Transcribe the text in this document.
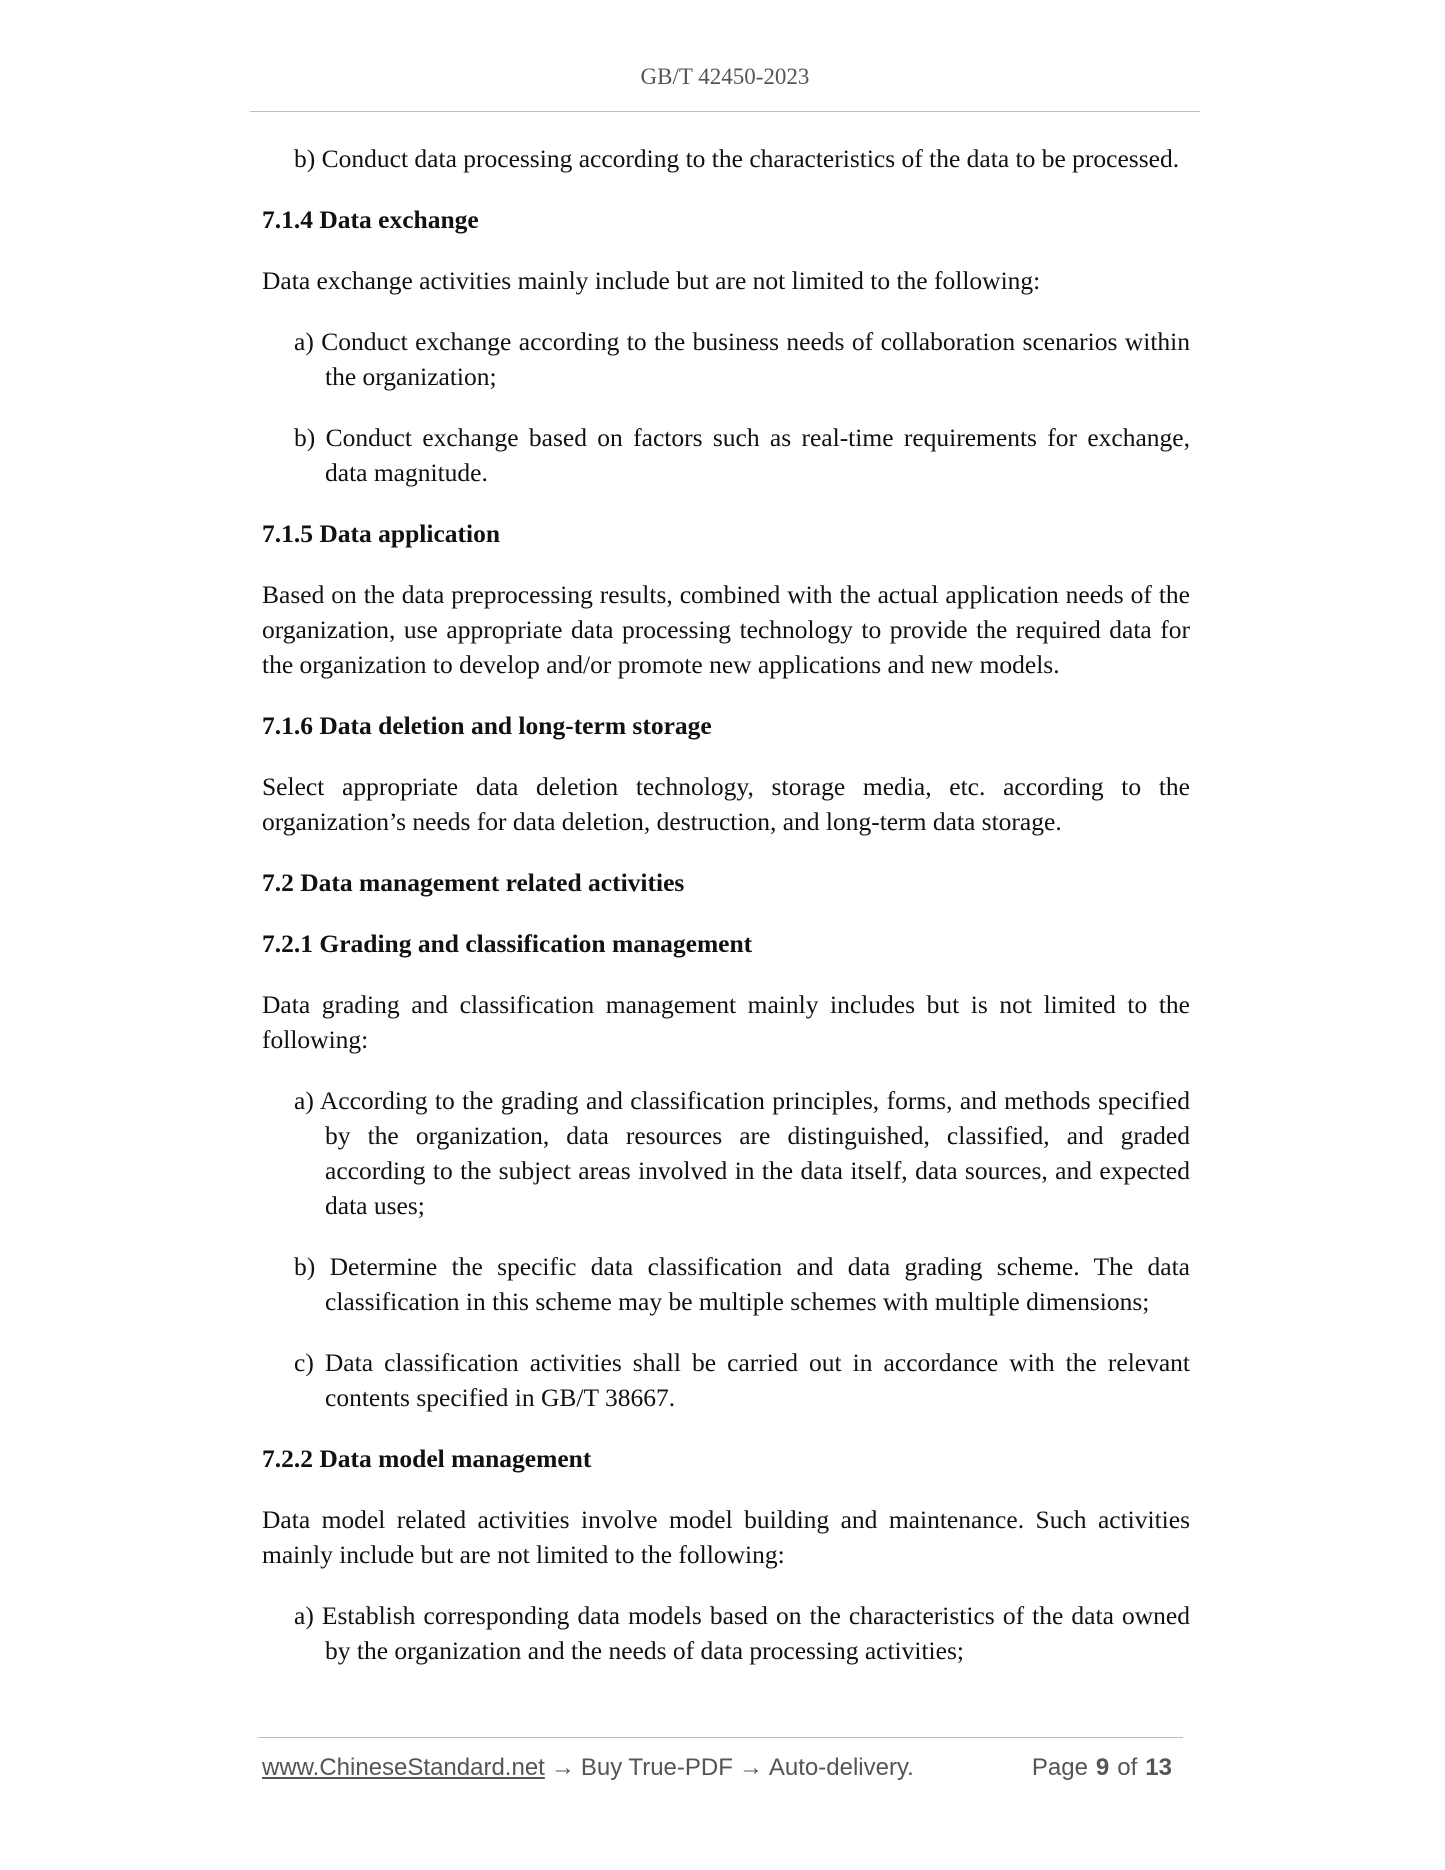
GB/T 42450-2023
b) Conduct data processing according to the characteristics of the data to be processed.
7.1.4 Data exchange
Data exchange activities mainly include but are not limited to the following:
a) Conduct exchange according to the business needs of collaboration scenarios within the organization;
b) Conduct exchange based on factors such as real-time requirements for exchange, data magnitude.
7.1.5 Data application
Based on the data preprocessing results, combined with the actual application needs of the organization, use appropriate data processing technology to provide the required data for the organization to develop and/or promote new applications and new models.
7.1.6 Data deletion and long-term storage
Select appropriate data deletion technology, storage media, etc. according to the organization’s needs for data deletion, destruction, and long-term data storage.
7.2 Data management related activities
7.2.1 Grading and classification management
Data grading and classification management mainly includes but is not limited to the following:
a) According to the grading and classification principles, forms, and methods specified by the organization, data resources are distinguished, classified, and graded according to the subject areas involved in the data itself, data sources, and expected data uses;
b) Determine the specific data classification and data grading scheme. The data classification in this scheme may be multiple schemes with multiple dimensions;
c) Data classification activities shall be carried out in accordance with the relevant contents specified in GB/T 38667.
7.2.2 Data model management
Data model related activities involve model building and maintenance. Such activities mainly include but are not limited to the following:
a) Establish corresponding data models based on the characteristics of the data owned by the organization and the needs of data processing activities;
www.ChineseStandard.net → Buy True-PDF → Auto-delivery.	Page 9 of 13
